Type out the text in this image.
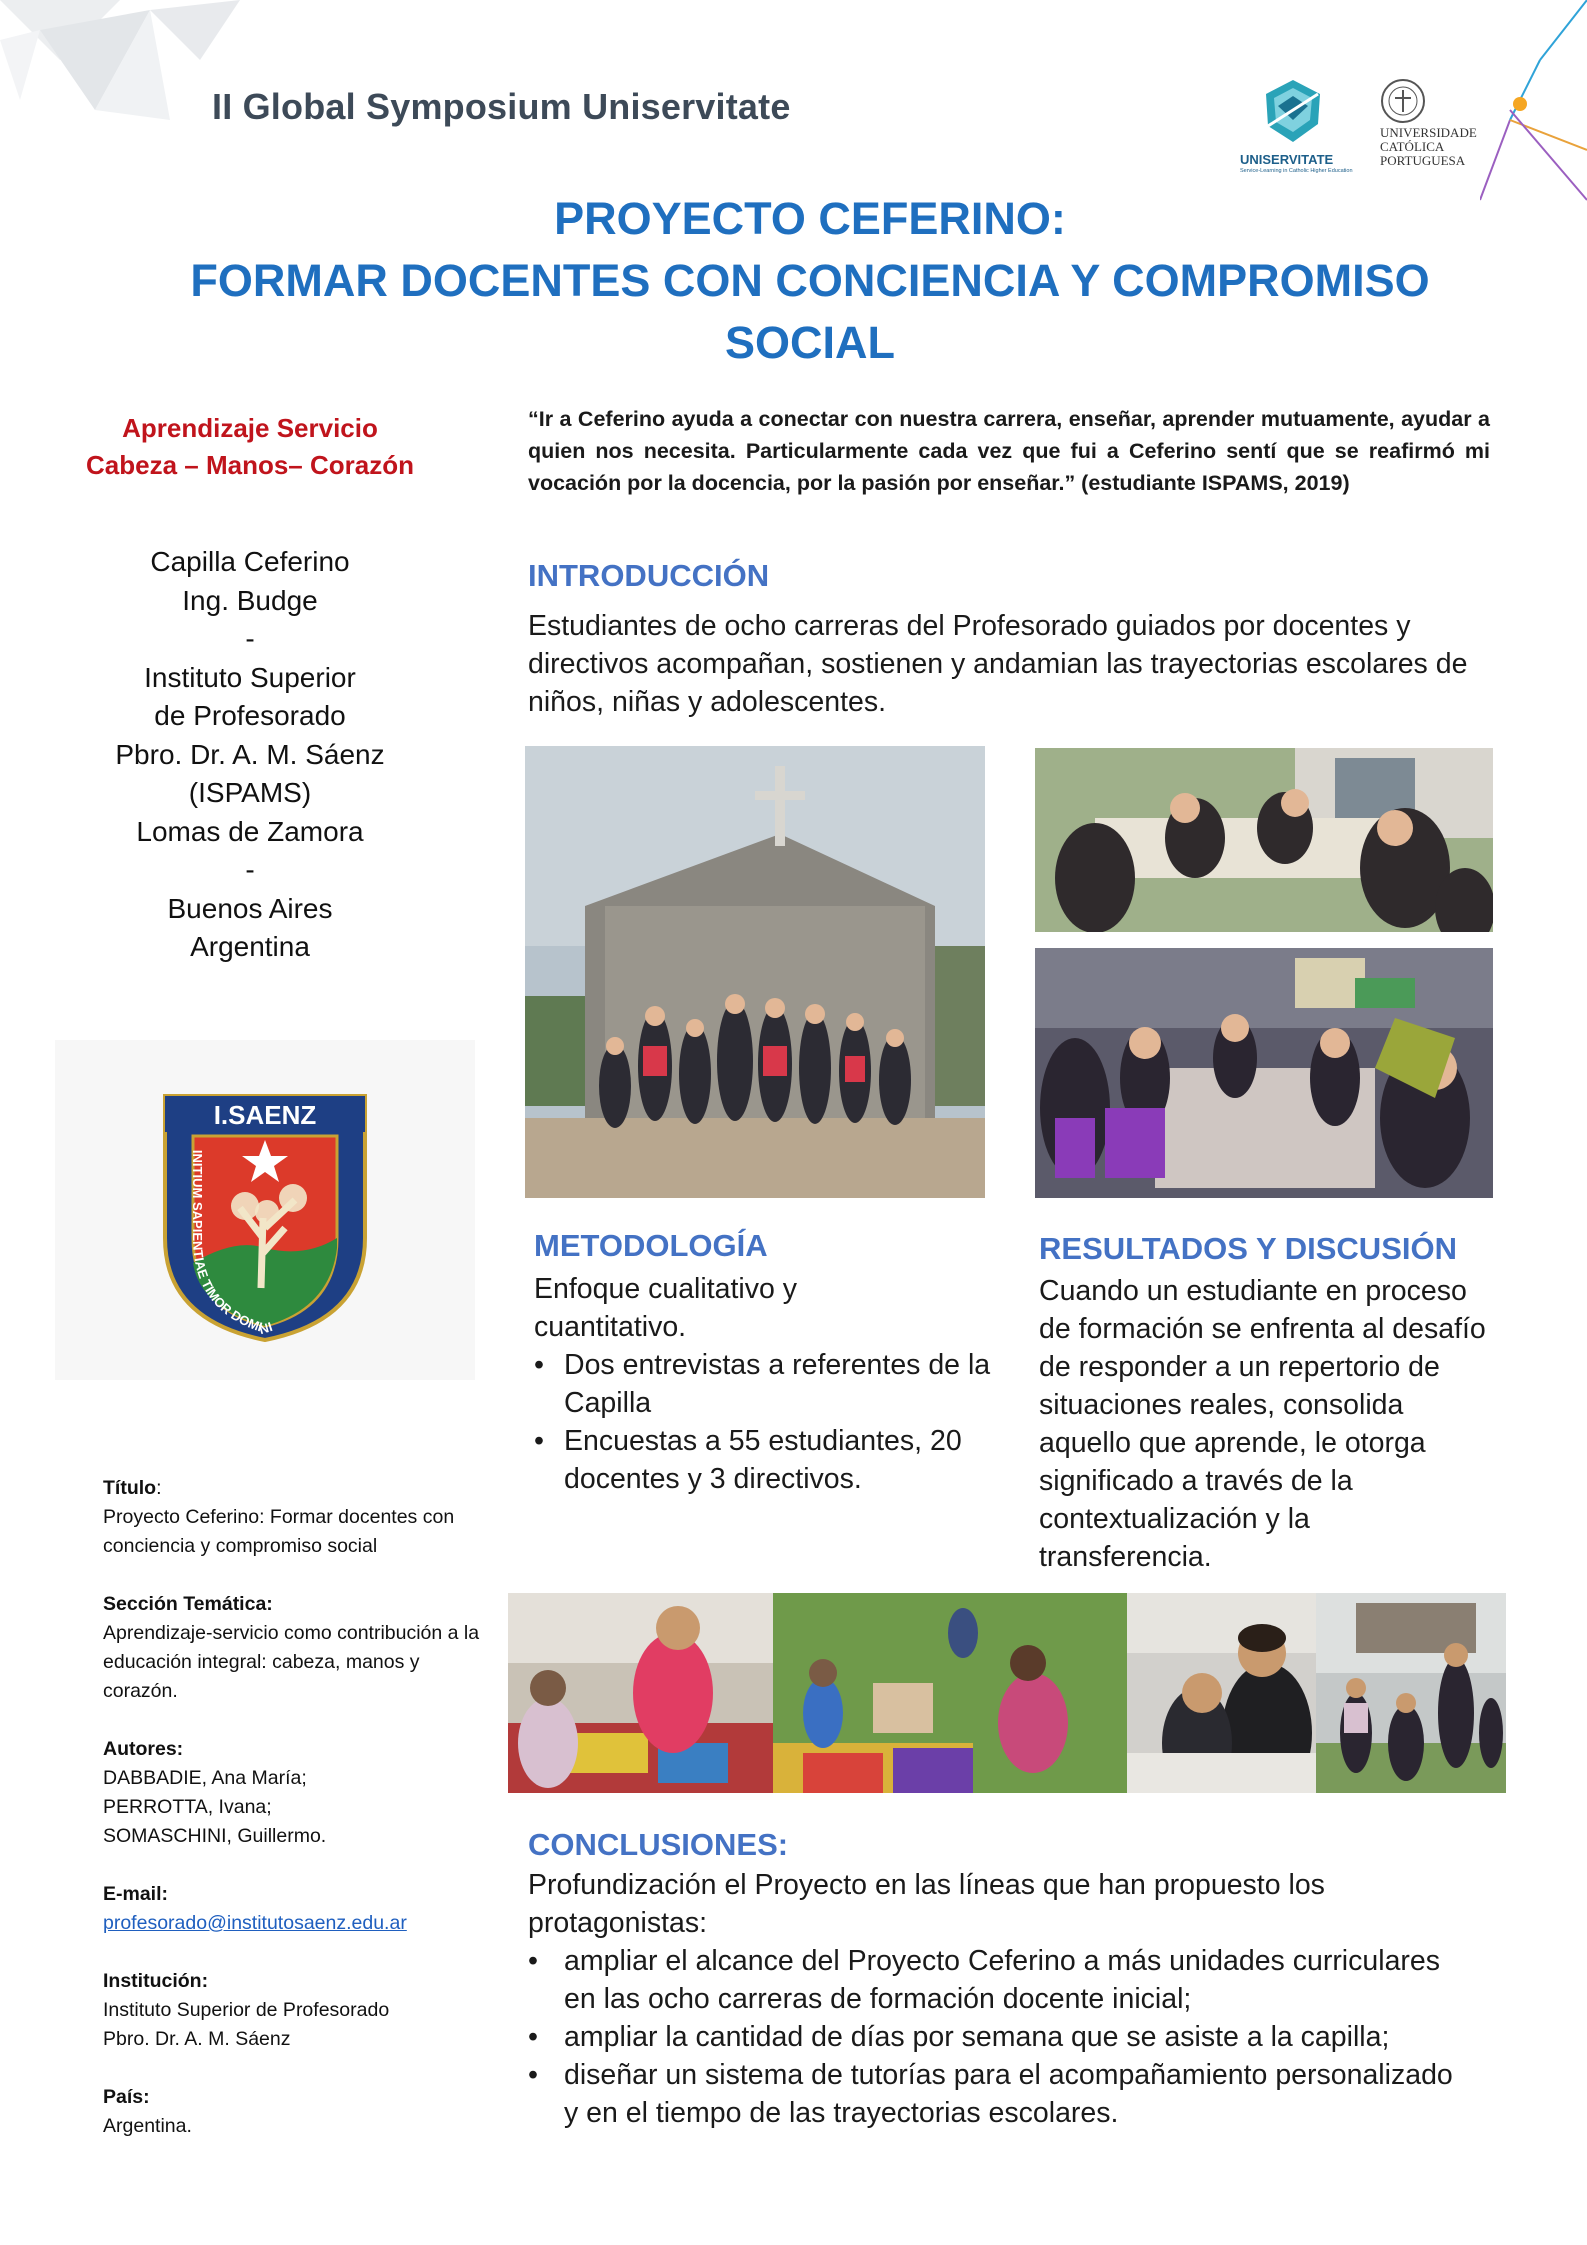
II Global Symposium Uniservitate
UNISERVITATE
Service-Learning in Catholic Higher Education
UNIVERSIDADE
CATÓLICA
PORTUGUESA
PROYECTO CEFERINO:
FORMAR DOCENTES CON CONCIENCIA Y COMPROMISO
SOCIAL
Aprendizaje Servicio
Cabeza – Manos– Corazón
Capilla Ceferino
Ing. Budge
-
Instituto Superior
de Profesorado
Pbro. Dr. A. M. Sáenz
(ISPAMS)
Lomas de Zamora
-
Buenos Aires
Argentina
I.SAENZ
INITIUM SAPIENTIAE TIMOR DOMINI
“Ir a Ceferino ayuda a conectar con nuestra carrera, enseñar, aprender mutuamente, ayudar a quien nos necesita. Particularmente cada vez que fui a Ceferino sentí que se reafirmó mi vocación por la docencia, por la pasión por enseñar.” (estudiante ISPAMS, 2019)
INTRODUCCIÓN
Estudiantes de ocho carreras del Profesorado guiados por docentes y directivos acompañan, sostienen y andamian las trayectorias escolares de niños, niñas y adolescentes.
METODOLOGÍA
Enfoque cualitativo y cuantitativo.
• Dos entrevistas a referentes de la Capilla
• Encuestas a 55 estudiantes, 20 docentes y 3 directivos.
RESULTADOS Y DISCUSIÓN
Cuando un estudiante en proceso de formación se enfrenta al desafío de responder a un repertorio de situaciones reales, consolida aquello que aprende, le otorga significado a través de la contextualización y la transferencia.
Título:
Proyecto Ceferino: Formar docentes con conciencia y compromiso social
Sección Temática:
Aprendizaje-servicio como contribución a la educación integral: cabeza, manos y corazón.
Autores:
DABBADIE, Ana María;
PERROTTA, Ivana;
SOMASCHINI, Guillermo.
E-mail:
profesorado@institutosaenz.edu.ar
Institución:
Instituto Superior de Profesorado
Pbro. Dr. A. M. Sáenz
País:
Argentina.
CONCLUSIONES:
Profundización el Proyecto en las líneas que han propuesto los protagonistas:
• ampliar el alcance del Proyecto Ceferino a más unidades curriculares en las ocho carreras de formación docente inicial;
• ampliar la cantidad de días por semana que se asiste a la capilla;
• diseñar un sistema de tutorías para el acompañamiento personalizado y en el tiempo de las trayectorias escolares.
